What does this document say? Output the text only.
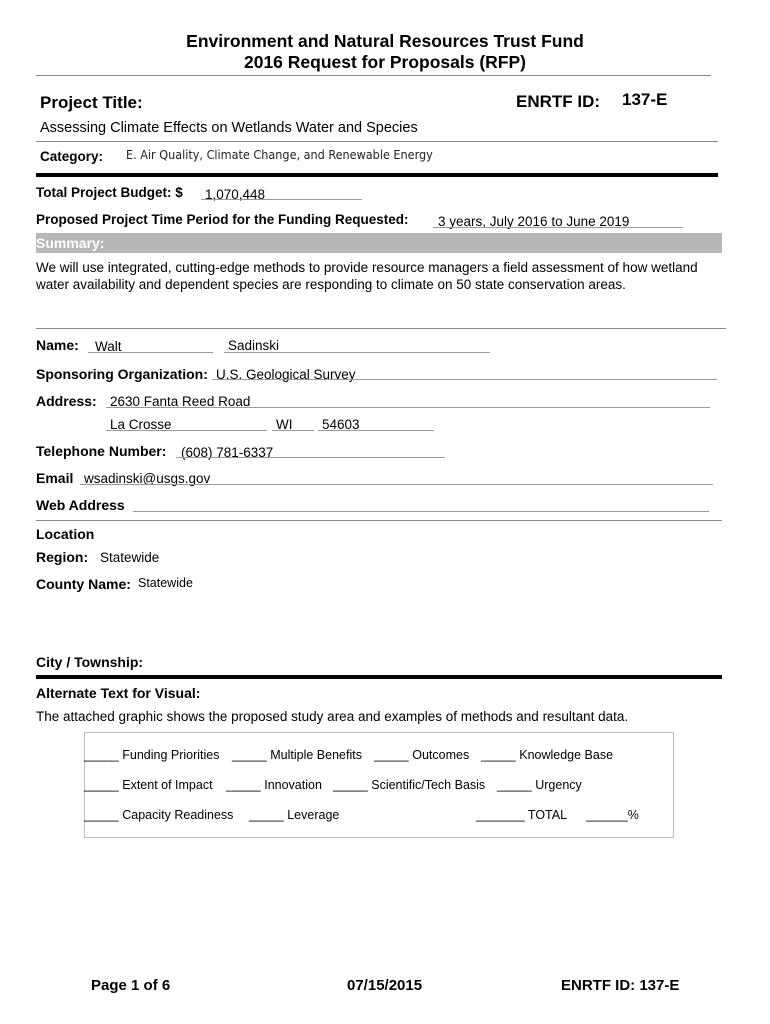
Environment and Natural Resources Trust Fund
2016 Request for Proposals (RFP)
Project Title:	ENRTF ID: 137-E
Assessing Climate Effects on Wetlands Water and Species
Category: E. Air Quality, Climate Change, and Renewable Energy
Total Project Budget: $ 1,070,448
Proposed Project Time Period for the Funding Requested: 3 years, July 2016 to June 2019
Summary:
We will use integrated, cutting-edge methods to provide resource managers a field assessment of how wetland water availability and dependent species are responding to climate on 50 state conservation areas.
Name: Walt	Sadinski
Sponsoring Organization: U.S. Geological Survey
Address: 2630 Fanta Reed Road
La Crosse	WI 54603
Telephone Number: (608) 781-6337
Email wsadinski@usgs.gov
Web Address
Location
Region: Statewide
County Name: Statewide
City / Township:
Alternate Text for Visual:
The attached graphic shows the proposed study area and examples of methods and resultant data.
_____ Funding Priorities _____ Multiple Benefits _____ Outcomes _____ Knowledge Base
_____ Extent of Impact _____ Innovation _____ Scientific/Tech Basis _____ Urgency
_____ Capacity Readiness _____ Leverage	_______ TOTAL ______%
Page 1 of 6	07/15/2015	ENRTF ID: 137-E
